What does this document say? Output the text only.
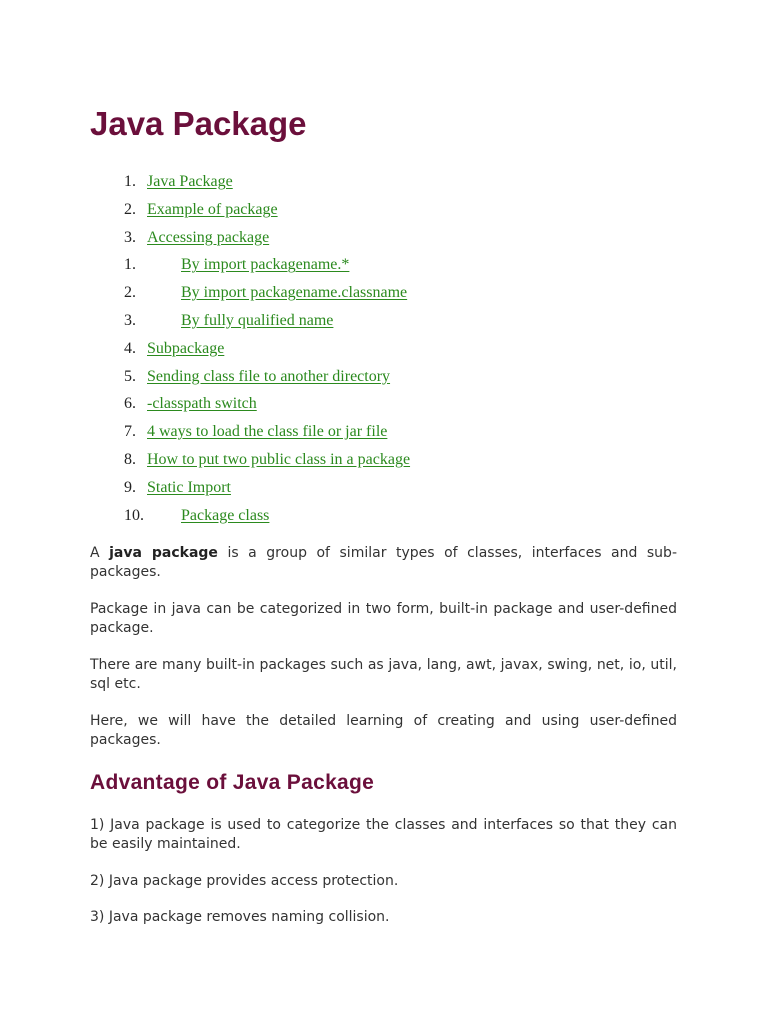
Java Package
1. Java Package
2. Example of package
3. Accessing package
1.	By import packagename.*
2.	By import packagename.classname
3.	By fully qualified name
4. Subpackage
5. Sending class file to another directory
6. -classpath switch
7. 4 ways to load the class file or jar file
8. How to put two public class in a package
9. Static Import
10. Package class

A java package is a group of similar types of classes, interfaces and sub-packages.

Package in java can be categorized in two form, built-in package and user-defined package.

There are many built-in packages such as java, lang, awt, javax, swing, net, io, util, sql etc.

Here, we will have the detailed learning of creating and using user-defined packages.

Advantage of Java Package

1) Java package is used to categorize the classes and interfaces so that they can be easily maintained.

2) Java package provides access protection.

3) Java package removes naming collision.
